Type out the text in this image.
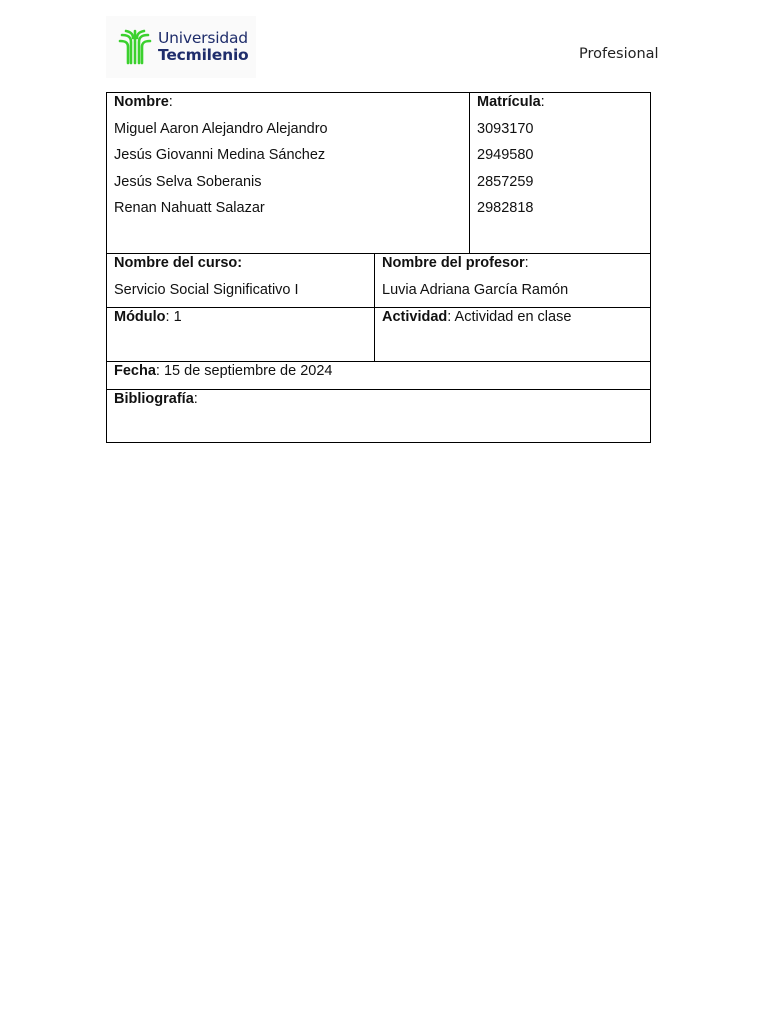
Universidad
Tecmilenio	Profesional
Nombre:
Miguel Aaron Alejandro Alejandro
Jesús Giovanni Medina Sánchez
Jesús Selva Soberanis
Renan Nahuatt Salazar
Matrícula:
3093170
2949580
2857259
2982818
Nombre del curso:
Servicio Social Significativo I
Nombre del profesor:
Luvia Adriana García Ramón
Módulo: 1	Actividad: Actividad en clase
Fecha: 15 de septiembre de 2024
Bibliografía:
